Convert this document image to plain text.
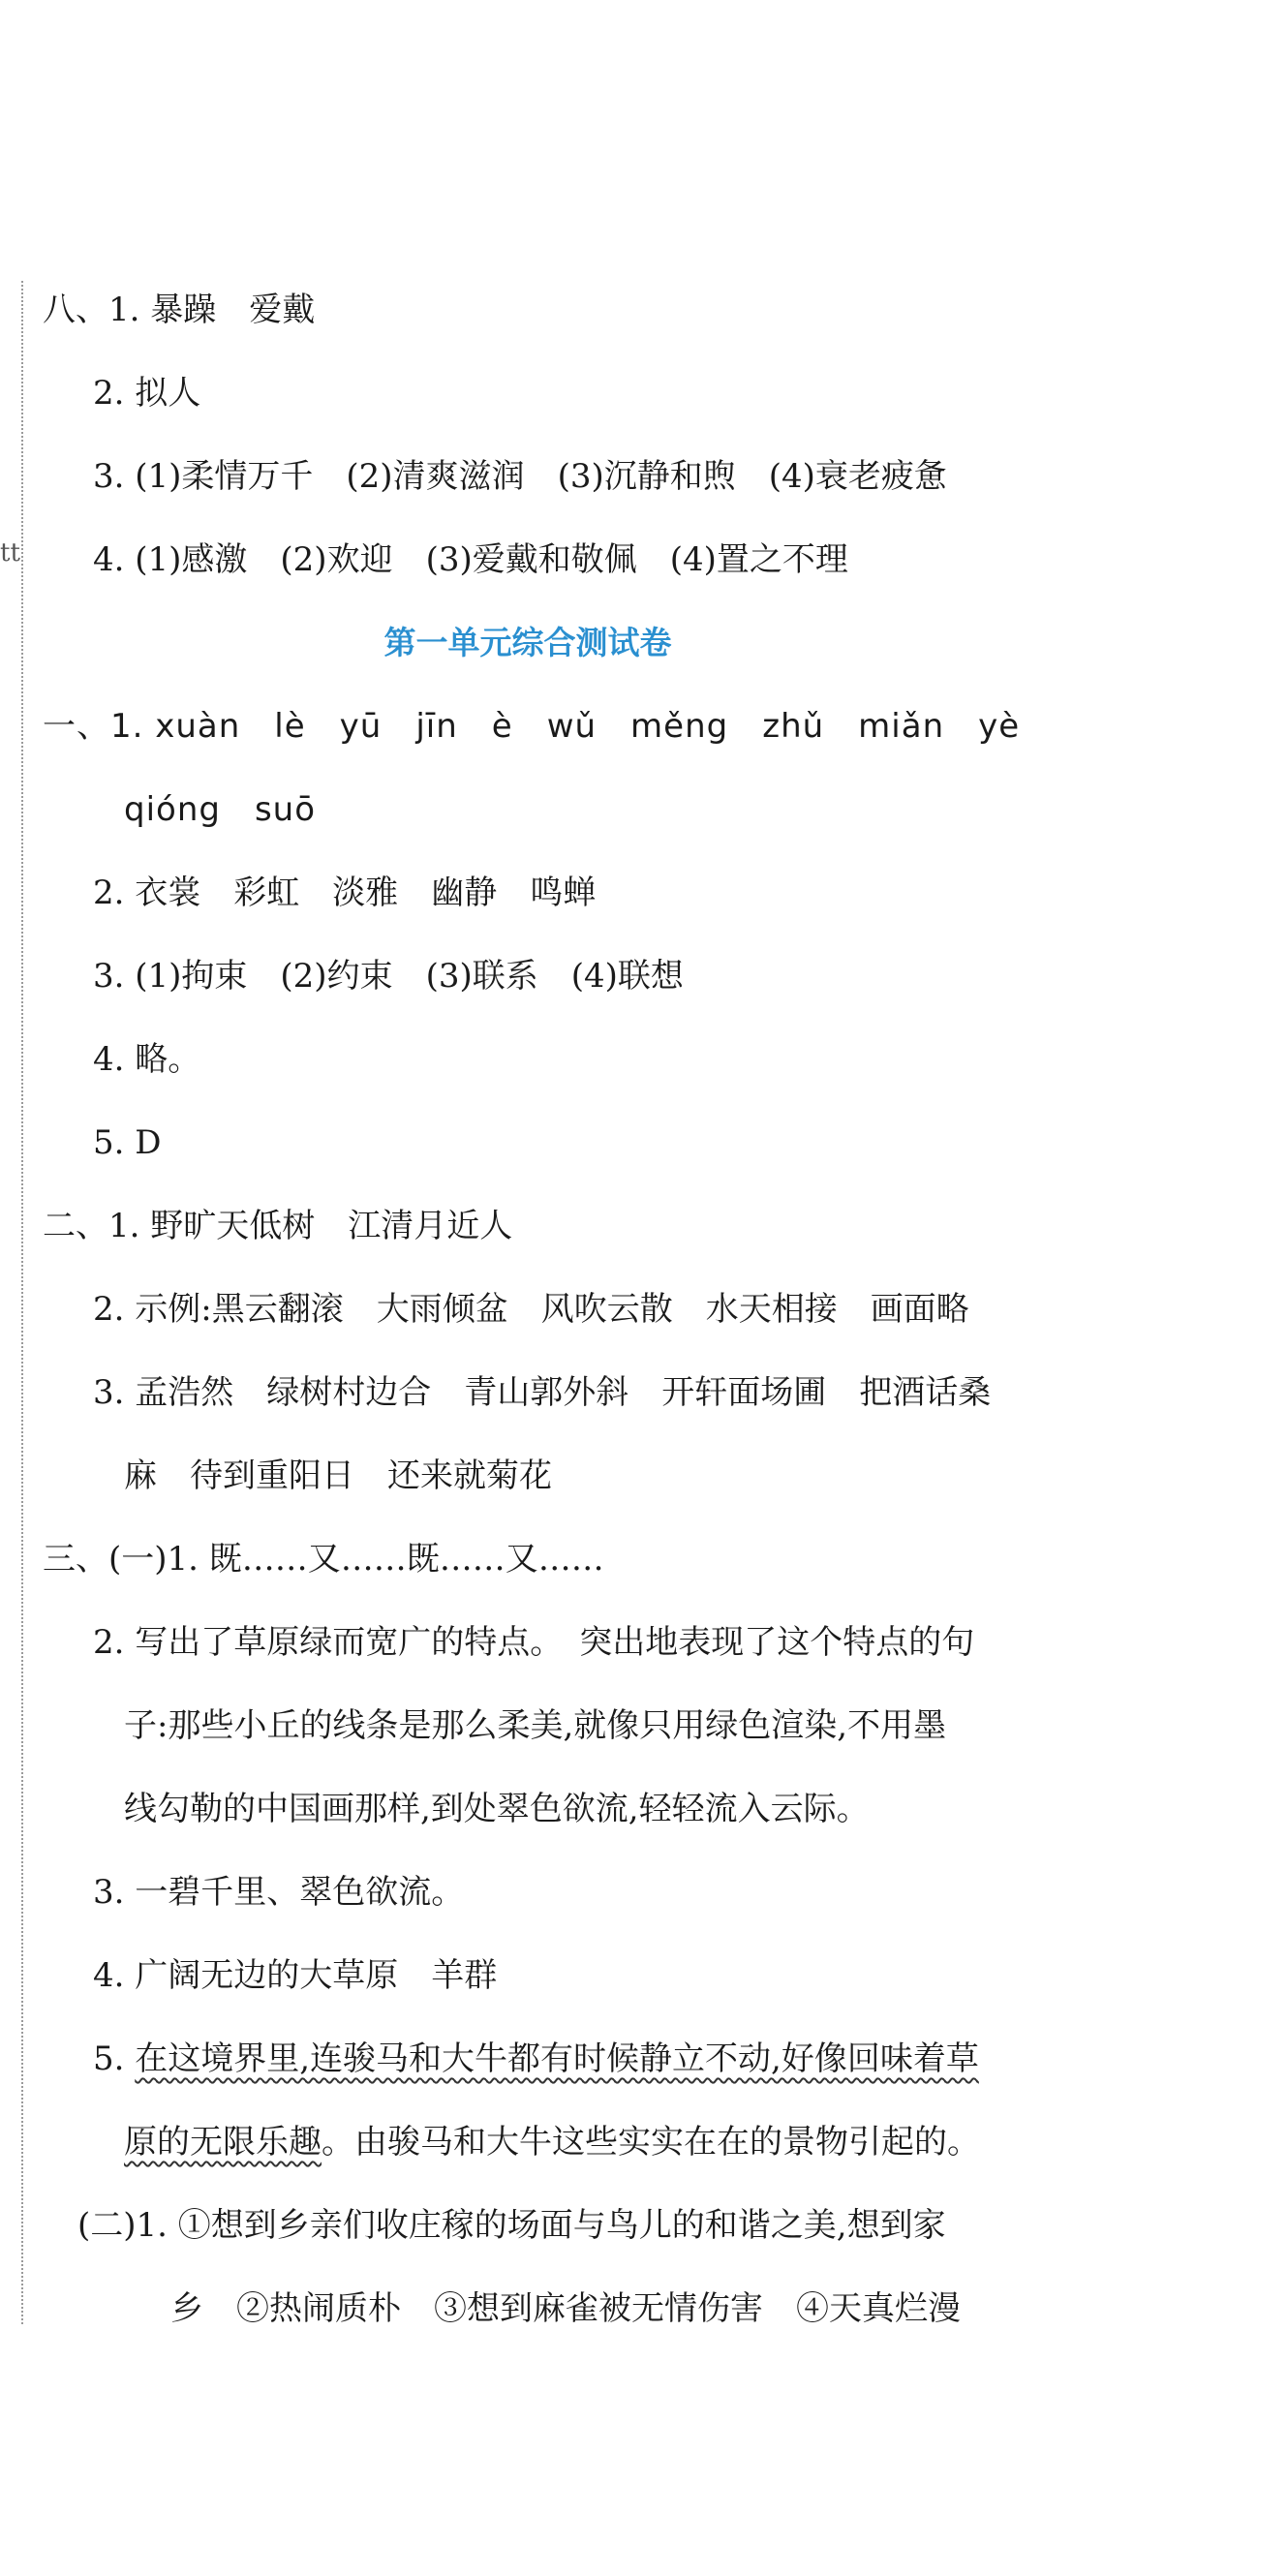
tt
八、1. 暴躁　爱戴
2. 拟人
3. (1)柔情万千　(2)清爽滋润　(3)沉静和煦　(4)衰老疲惫
4. (1)感激　(2)欢迎　(3)爱戴和敬佩　(4)置之不理
第一单元综合测试卷
一、1. xuàn　lè　yū　jīn　è　wǔ　měng　zhǔ　miǎn　yè
qióng　suō
2. 衣裳　彩虹　淡雅　幽静　鸣蝉
3. (1)拘束　(2)约束　(3)联系　(4)联想
4. 略。
5. D
二、1. 野旷天低树　江清月近人
2. 示例:黑云翻滚　大雨倾盆　风吹云散　水天相接　画面略
3. 孟浩然　绿树村边合　青山郭外斜　开轩面场圃　把酒话桑
麻　待到重阳日　还来就菊花
三、(一)1. 既……又……既……又……
2. 写出了草原绿而宽广的特点。　突出地表现了这个特点的句
子:那些小丘的线条是那么柔美,就像只用绿色渲染,不用墨
线勾勒的中国画那样,到处翠色欲流,轻轻流入云际。
3. 一碧千里、翠色欲流。
4. 广阔无边的大草原　羊群
5. 在这境界里,连骏马和大牛都有时候静立不动,好像回味着草
原的无限乐趣。由骏马和大牛这些实实在在的景物引起的。
(二)1. ①想到乡亲们收庄稼的场面与鸟儿的和谐之美,想到家
乡　②热闹质朴　③想到麻雀被无情伤害　④天真烂漫
